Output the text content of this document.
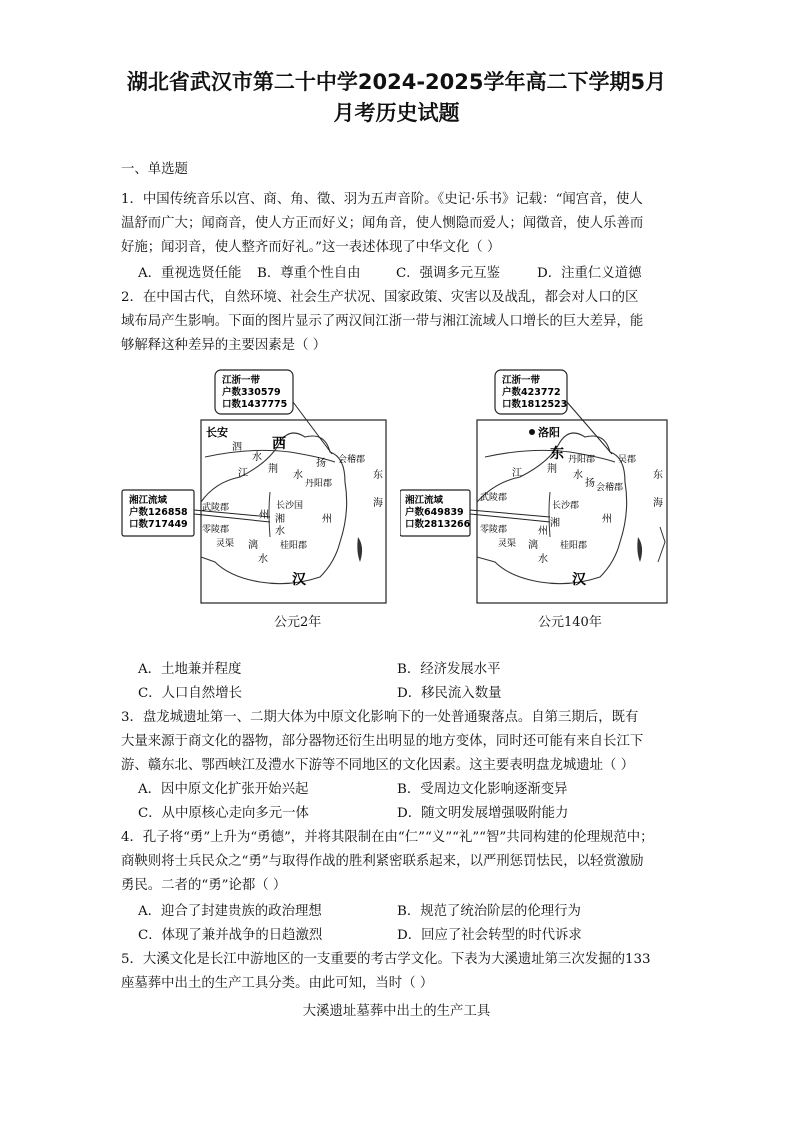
湖北省武汉市第二十中学2024-2025学年高二下学期5月
月考历史试题
一、单选题
1．中国传统音乐以宫、商、角、徵、羽为五声音阶。《史记·乐书》记载：“闻宫音，使人
温舒而广大；闻商音，使人方正而好义；闻角音，使人恻隐而爱人；闻徵音，使人乐善而
好施；闻羽音，使人整齐而好礼。”这一表述体现了中华文化（ ）
A．重视选贤任能 B．尊重个性自由	C．强调多元互鉴	D．注重仁义道德
2．在中国古代，自然环境、社会生产状况、国家政策、灾害以及战乱，都会对人口的区
域布局产生影响。下面的图片显示了两汉间江浙一带与湘江流域人口增长的巨大差异，能
够解释这种差异的主要因素是（ ）
江浙一带
户数330579
口数1437775
湘江流域
户数126858
口数717449
长安
西
汉
泗
水
荆
江	水
扬
丹阳郡
会稽郡
东
海
武陵郡	长沙国
州 湘
水
州
零陵郡
灵渠 漓
水
桂阳郡
公元2年
江浙一带
户数423772
口数1812523
湘江流域
户数649839
口数2813266
洛阳
东
汉
江	荆
水
丹阳郡	吴郡
扬 会稽郡
东
海
武陵郡
长沙郡
湘
州
州
零陵郡
灵渠 漓
水
桂阳郡
公元140年
A．土地兼并程度	B．经济发展水平
C．人口自然增长	D．移民流入数量
3．盘龙城遗址第一、二期大体为中原文化影响下的一处普通聚落点。自第三期后，既有
大量来源于商文化的器物，部分器物还衍生出明显的地方变体，同时还可能有来自长江下
游、赣东北、鄂西峡江及澧水下游等不同地区的文化因素。这主要表明盘龙城遗址（ ）
A．因中原文化扩张开始兴起	B．受周边文化影响逐渐变异
C．从中原核心走向多元一体	D．随文明发展增强吸附能力
4．孔子将“勇”上升为“勇德”，并将其限制在由“仁”“义”“礼”“智”共同构建的伦理规范中；
商鞅则将士兵民众之“勇”与取得作战的胜利紧密联系起来，以严刑惩罚怯民，以轻赏激励
勇民。二者的“勇”论都（ ）
A．迎合了封建贵族的政治理想	B．规范了统治阶层的伦理行为
C．体现了兼并战争的日趋激烈	D．回应了社会转型的时代诉求
5．大溪文化是长江中游地区的一支重要的考古学文化。下表为大溪遗址第三次发掘的133
座墓葬中出土的生产工具分类。由此可知，当时（ ）
大溪遗址墓葬中出土的生产工具
